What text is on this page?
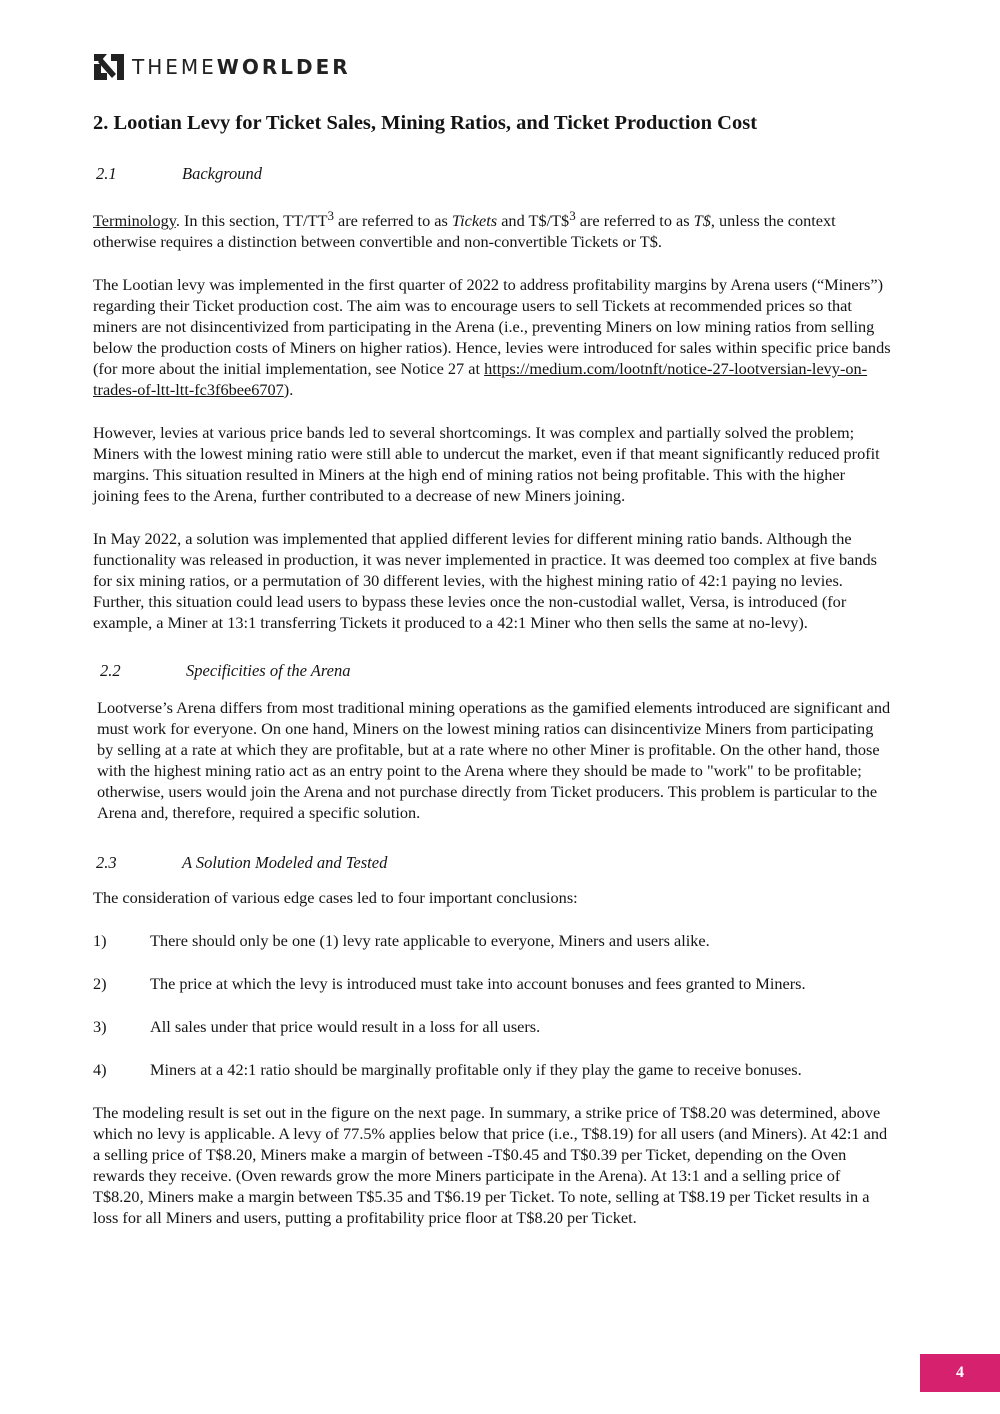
THEMEWORLDER
2. Lootian Levy for Ticket Sales, Mining Ratios, and Ticket Production Cost
2.1	Background

Terminology. In this section, $TT/TT^3$ are referred to as Tickets and T$/T\$$^3$ are referred to as T$, unless the context otherwise requires a distinction between convertible and non-convertible Tickets or T$.

The Lootian levy was implemented in the first quarter of 2022 to address profitability margins by Arena users (“Miners”) regarding their Ticket production cost. The aim was to encourage users to sell Tickets at recommended prices so that miners are not disincentivized from participating in the Arena (i.e., preventing Miners on low mining ratios from selling below the production costs of Miners on higher ratios). Hence, levies were introduced for sales within specific price bands (for more about the initial implementation, see Notice 27 at https://medium.com/lootnft/notice-27-lootversian-levy-on-trades-of-ltt-ltt-fc3f6bee6707).

However, levies at various price bands led to several shortcomings. It was complex and partially solved the problem; Miners with the lowest mining ratio were still able to undercut the market, even if that meant significantly reduced profit margins. This situation resulted in Miners at the high end of mining ratios not being profitable. This with the higher joining fees to the Arena, further contributed to a decrease of new Miners joining.

In May 2022, a solution was implemented that applied different levies for different mining ratio bands. Although the functionality was released in production, it was never implemented in practice. It was deemed too complex at five bands for six mining ratios, or a permutation of 30 different levies, with the highest mining ratio of 42:1 paying no levies. Further, this situation could lead users to bypass these levies once the non-custodial wallet, Versa, is introduced (for example, a Miner at 13:1 transferring Tickets it produced to a 42:1 Miner who then sells the same at no-levy).

2.2	Specificities of the Arena

Lootverse’s Arena differs from most traditional mining operations as the gamified elements introduced are significant and must work for everyone. On one hand, Miners on the lowest mining ratios can disincentivize Miners from participating by selling at a rate at which they are profitable, but at a rate where no other Miner is profitable. On the other hand, those with the highest mining ratio act as an entry point to the Arena where they should be made to "work" to be profitable; otherwise, users would join the Arena and not purchase directly from Ticket producers. This problem is particular to the Arena and, therefore, required a specific solution.

2.3	A Solution Modeled and Tested

The consideration of various edge cases led to four important conclusions:

1)	There should only be one (1) levy rate applicable to everyone, Miners and users alike.
2)	The price at which the levy is introduced must take into account bonuses and fees granted to Miners.
3)	All sales under that price would result in a loss for all users.
4)	Miners at a 42:1 ratio should be marginally profitable only if they play the game to receive bonuses.

The modeling result is set out in the figure on the next page. In summary, a strike price of T$8.20 was determined, above which no levy is applicable. A levy of 77.5% applies below that price (i.e., T$8.19) for all users (and Miners). At 42:1 and a selling price of T$8.20, Miners make a margin of between -T$0.45 and T$0.39 per Ticket, depending on the Oven rewards they receive. (Oven rewards grow the more Miners participate in the Arena). At 13:1 and a selling price of T$8.20, Miners make a margin between T$5.35 and T$6.19 per Ticket. To note, selling at T$8.19 per Ticket results in a loss for all Miners and users, putting a profitability price floor at T$8.20 per Ticket.

4
